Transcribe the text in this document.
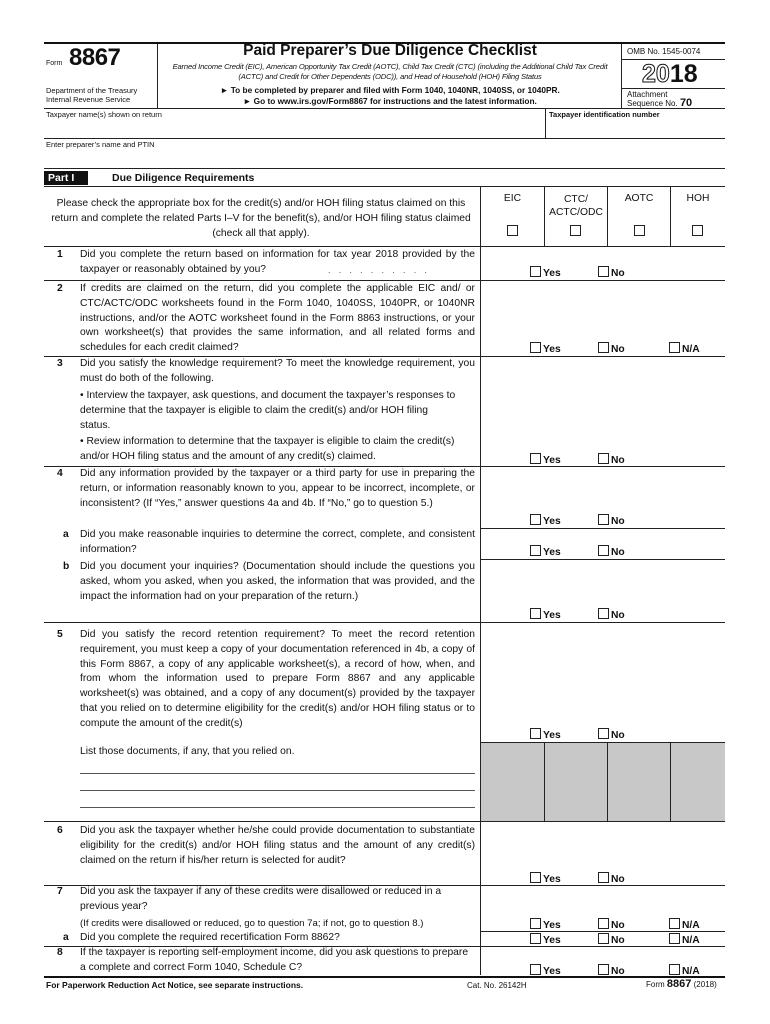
Form 8867
Department of the Treasury
Internal Revenue Service
Paid Preparer’s Due Diligence Checklist
Earned Income Credit (EIC), American Opportunity Tax Credit (AOTC), Child Tax Credit (CTC) (including the Additional Child Tax Credit (ACTC) and Credit for Other Dependents (ODC)), and Head of Household (HOH) Filing Status
► To be completed by preparer and filed with Form 1040, 1040NR, 1040SS, or 1040PR.
► Go to www.irs.gov/Form8867 for instructions and the latest information.
OMB No. 1545-0074
2018
Attachment
Sequence No. 70
Taxpayer name(s) shown on return	Taxpayer identification number
Enter preparer’s name and PTIN
Part I	Due Diligence Requirements
Please check the appropriate box for the credit(s) and/or HOH filing status claimed on this return and complete the related Parts I–V for the benefit(s), and/or HOH filing status claimed (check all that apply).
EIC	CTC/
ACTC/ODC
AOTC	HOH
1 Did you complete the return based on information for tax year 2018 provided by the taxpayer or reasonably obtained by you?	Yes	No
2 If credits are claimed on the return, did you complete the applicable EIC and/ or CTC/ACTC/ODC worksheets found in the Form 1040, 1040SS, 1040PR, or 1040NR instructions, and/or the AOTC worksheet found in the Form 8863 instructions, or your own worksheet(s) that provides the same information, and all related forms and schedules for each credit claimed?	Yes	No	N/A
3 Did you satisfy the knowledge requirement? To meet the knowledge requirement, you must do both of the following.
• Interview the taxpayer, ask questions, and document the taxpayer’s responses to determine that the taxpayer is eligible to claim the credit(s) and/or HOH filing status.
• Review information to determine that the taxpayer is eligible to claim the credit(s) and/or HOH filing status and the amount of any credit(s) claimed.	Yes	No
4 Did any information provided by the taxpayer or a third party for use in preparing the return, or information reasonably known to you, appear to be incorrect, incomplete, or inconsistent? (If “Yes,” answer questions 4a and 4b. If “No,” go to question 5.)
Yes	No
a Did you make reasonable inquiries to determine the correct, complete, and consistent information?	Yes	No
b Did you document your inquiries? (Documentation should include the questions you asked, whom you asked, when you asked, the information that was provided, and the impact the information had on your preparation of the return.)
Yes	No
5 Did you satisfy the record retention requirement? To meet the record retention requirement, you must keep a copy of your documentation referenced in 4b, a copy of this Form 8867, a copy of any applicable worksheet(s), a record of how, when, and from whom the information used to prepare Form 8867 and any applicable worksheet(s) was obtained, and a copy of any document(s) provided by the taxpayer that you relied on to determine eligibility for the credit(s) and/or HOH filing status or to compute the amount of the credit(s)
Yes	No
List those documents, if any, that you relied on.
6 Did you ask the taxpayer whether he/she could provide documentation to substantiate eligibility for the credit(s) and/or HOH filing status and the amount of any credit(s) claimed on the return if his/her return is selected for audit?
Yes	No
7 Did you ask the taxpayer if any of these credits were disallowed or reduced in a previous year?
(If credits were disallowed or reduced, go to question 7a; if not, go to question 8.)	Yes	No	N/A
a Did you complete the required recertification Form 8862?	Yes	No	N/A
8 If the taxpayer is reporting self-employment income, did you ask questions to prepare a complete and correct Form 1040, Schedule C?	Yes	No	N/A
For Paperwork Reduction Act Notice, see separate instructions.	Cat. No. 26142H	Form 8867 (2018)
. . . . . . . . . .
